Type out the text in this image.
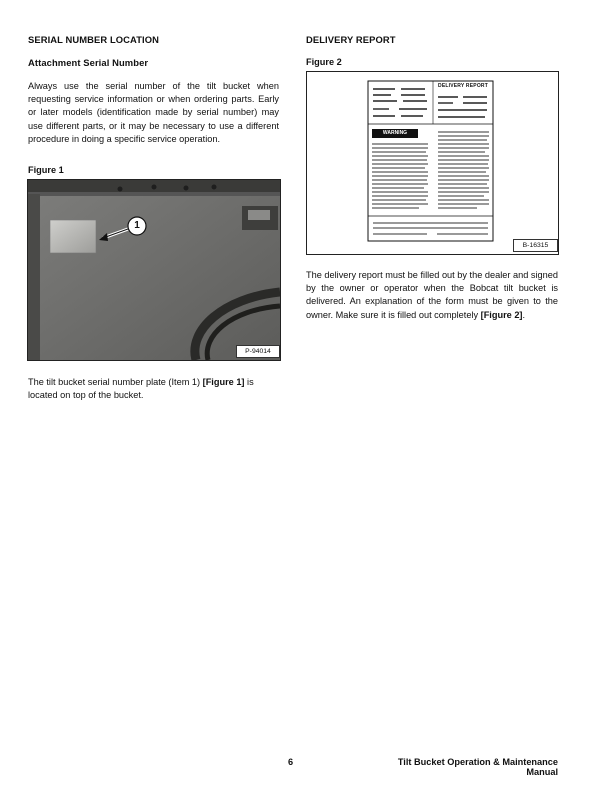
SERIAL NUMBER LOCATION
Attachment Serial Number
Always use the serial number of the tilt bucket when requesting service information or when ordering parts. Early or later models (identification made by serial number) may use different parts, or it may be necessary to use a different procedure in doing a specific service operation.
Figure 1
1
P-94014
The tilt bucket serial number plate (Item 1) [Figure 1] is located on top of the bucket.
DELIVERY REPORT
Figure 2
DELIVERY REPORT
WARNING
B-16315
The delivery report must be filled out by the dealer and signed by the owner or operator when the Bobcat tilt bucket is delivered. An explanation of the form must be given to the owner. Make sure it is filled out completely [Figure 2].
6	Tilt Bucket Operation & Maintenance Manual
